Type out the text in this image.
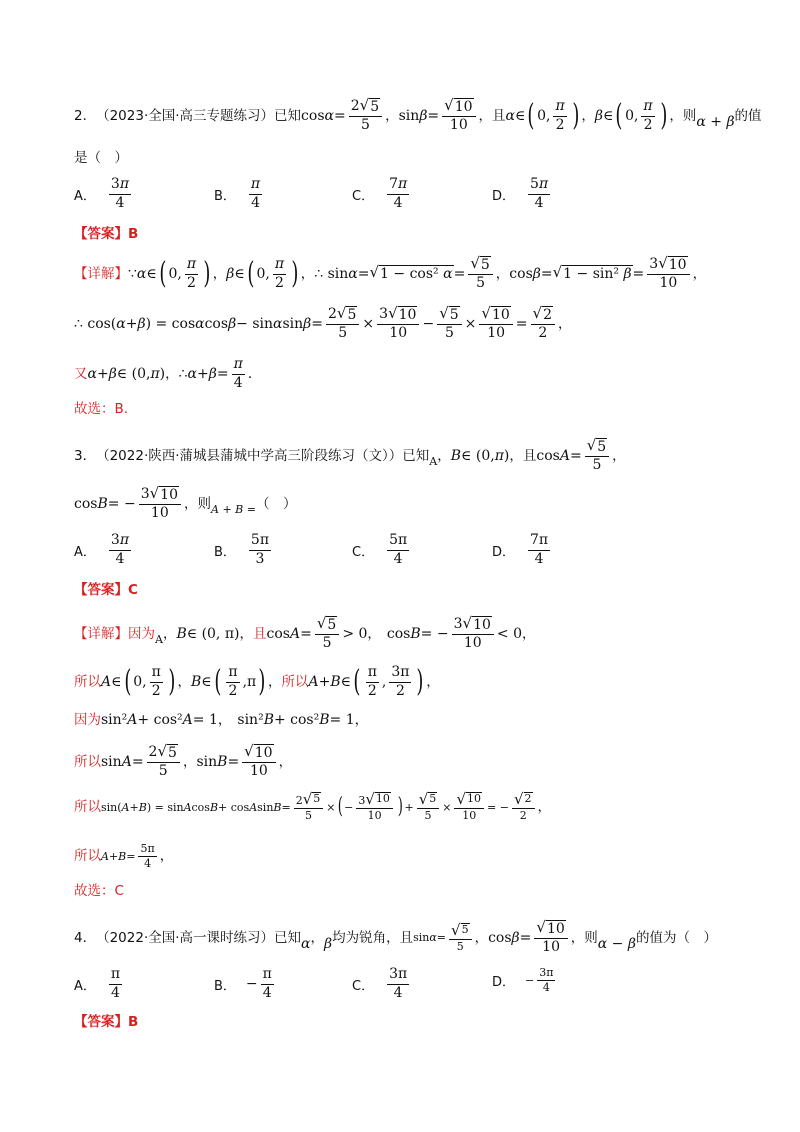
2． （2023·全国·高三专题练习） 已知 $\cos \alpha = \frac{2 √ 5}{5}$ ， $\sin \beta = \frac{√ 10}{10}$ ，且 α ∈ ( 0, $\frac{\pi}{2}$ ) ， β ∈ ( 0, $\frac{\pi}{2}$ ) ，则 α + β 的值
是（　）
A． $\frac{3\pi}{4}$	B． $\frac{\pi}{4}$	C． $\frac{7\pi}{4}$	D． $\frac{5\pi}{4}$
【答案】B
【详解】 ∵ α ∈ ( 0, $\frac{\pi}{2}$ ) ， β ∈ ( 0, $\frac{\pi}{2}$ ) ， ∴ sin α = √ 1 − cos² $\alpha = \frac{√ 5}{5}$ ， cos β = √ 1 − sin² $\beta = \frac{3 √ 10}{10}$ ，
∴ cos( α + β ) = cos α cos β − sin α $\sin \beta = \frac{2 √ 5}{5} \times \frac{3 √ 10}{10} - \frac{√ 5}{5} \times \frac{√ 10}{10} = \frac{√ 2}{2}$ ，
又 α + β ∈ (0, π ) ， ∴ $\alpha + \beta = \frac{\pi}{4}$ .
故选：B.
3． （2022·陕西·蒲城县蒲城中学高三阶段练习（文）） 已知 A ， B ∈ (0, π ) ，且 $\cos A = \frac{√ 5}{5}$ ，
cos B = − $\frac{3 √ 10}{10}$ ，则 A + B = （　）
A． $\frac{3\pi}{4}$	B． $\frac{5\pi}{3}$	C． $\frac{5\pi}{4}$	D． $\frac{7\pi}{4}$
【答案】C
【详解】 因为 A ， B ∈ (0, π) ， 且 $\cos A = \frac{√ 5}{5} > 0$ ， cos B = − $\frac{3 √ 10}{10} < 0$ ，
所以 A ∈ ( 0, $\frac{\pi}{2}$ ) ， B ∈ ( $\frac{\pi}{2} ,\pi$ ) ， 所以 A + B ∈ ( $\frac{\pi}{2}$ , $\frac{3\pi}{2}$ ) ，
因为 sin² A + cos² A = 1 ， sin² B + cos² B = 1 ，
所以 $\sin A = \frac{2 √ 5}{5}$ ， $\sin B = \frac{√ 10}{10}$ ，
所以 sin( A + B ) = sin A cos B + cos A $\sin B = \frac{2 √ 5}{5}$ × ( − $\frac{3 √ 10}{10}$ ) + $\frac{√ 5}{5} \times \frac{√ 10}{10}$ = − $\frac{√ 2}{2}$ ，
所以 $A + B = \frac{5\pi}{4}$ ，
故选：C
4． （2022·全国·高一课时练习） 已知 α ， β 均为锐角，且 $\sin \alpha = \frac{√ 5}{5}$ ， $\cos \beta = \frac{√ 10}{10}$ ，则 α − β 的值为（　）
A． $\frac{\pi}{4}$	B． − $\frac{\pi}{4}$	C． $\frac{3\pi}{4}$	D． − $\frac{3\pi}{4}$
【答案】B
